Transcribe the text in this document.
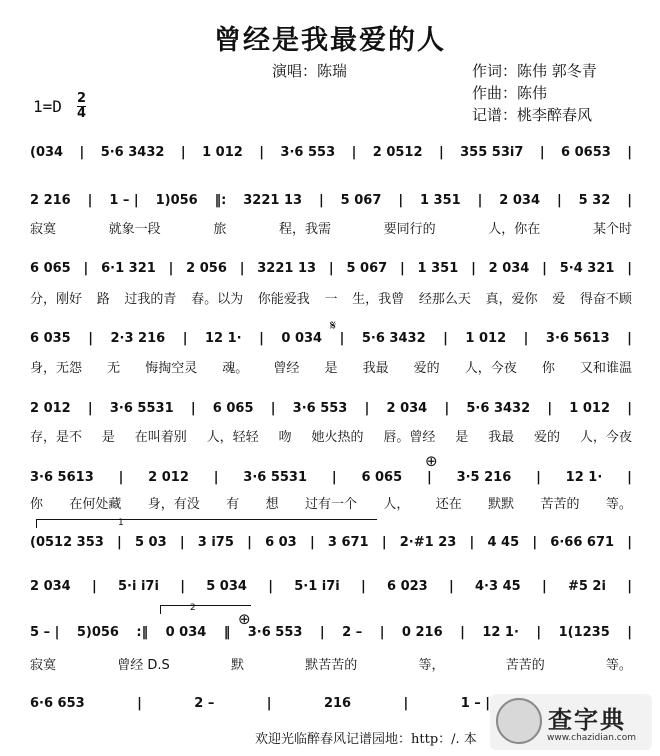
曾经是我最爱的人
演唱：陈瑞	作词：陈伟 郭冬青
作曲：陈伟
记谱：桃李醉春风
1=D 2
4
1
2
𝄋
⊕
⊕
(034 | 5·6 3432 | 1 012 | 3·6 553 | 2 0512 | 355 53i7 | 6 0653 |
2 216 | 1 – | 1)056 ‖: 3221 13 | 5 067 | 1 351 | 2 034 | 5 32 |
寂寞	就象一段	旅	程，我需	要同行的	人，你在	某个时
6 065 | 6·1 321 | 2 056 | 3221 13 | 5 067 | 1 351 | 2 034 | 5·4 321 |
分，刚好 路 过我的青 春。以为 你能爱我 一 生，我曾 经那么天 真，爱你 爱 得奋不顾
6 035 | 2·3 216 | 12 1· | 0 034 | 5·6 3432 | 1 012 | 3·6 5613 |
身，无怨 无 悔掏空灵 魂。 曾经 是 我最 爱的 人，今夜 你 又和谁温
2 012 | 3·6 5531 | 6 065 | 3·6 553 | 2 034 | 5·6 3432 | 1 012 |
存，是不 是 在叫着别 人，轻轻 吻 她火热的 唇。曾经 是 我最 爱的 人，今夜
3·6 5613 | 2 012 | 3·6 5531 | 6 065 | 3·5 216 | 12 1· |
你 在何处藏 身，有没 有 想 过有一个 人， 还在 默默 苦苦的 等。
(0512 353 | 5 03 | 3 i75 | 6 03 | 3 671 | 2·#1 23 | 4 45 | 6·66 671 |
2 034 | 5·i i7i | 5 034 | 5·1 i7i | 6 023 | 4·3 45 | #5 2i |
5 – | 5)056 :‖ 0 034 ‖ 3·6 553 | 2 – | 0 216 | 12 1· | 1(1235 |
寂寞	曾经 D.S	默	默苦苦的	等，	苦苦的	等。
6·6 653	|	2 –	|	216	|	1 – |
欢迎光临醉春风记谱园地：http：/. 本
查字典
www.chazidian.com
